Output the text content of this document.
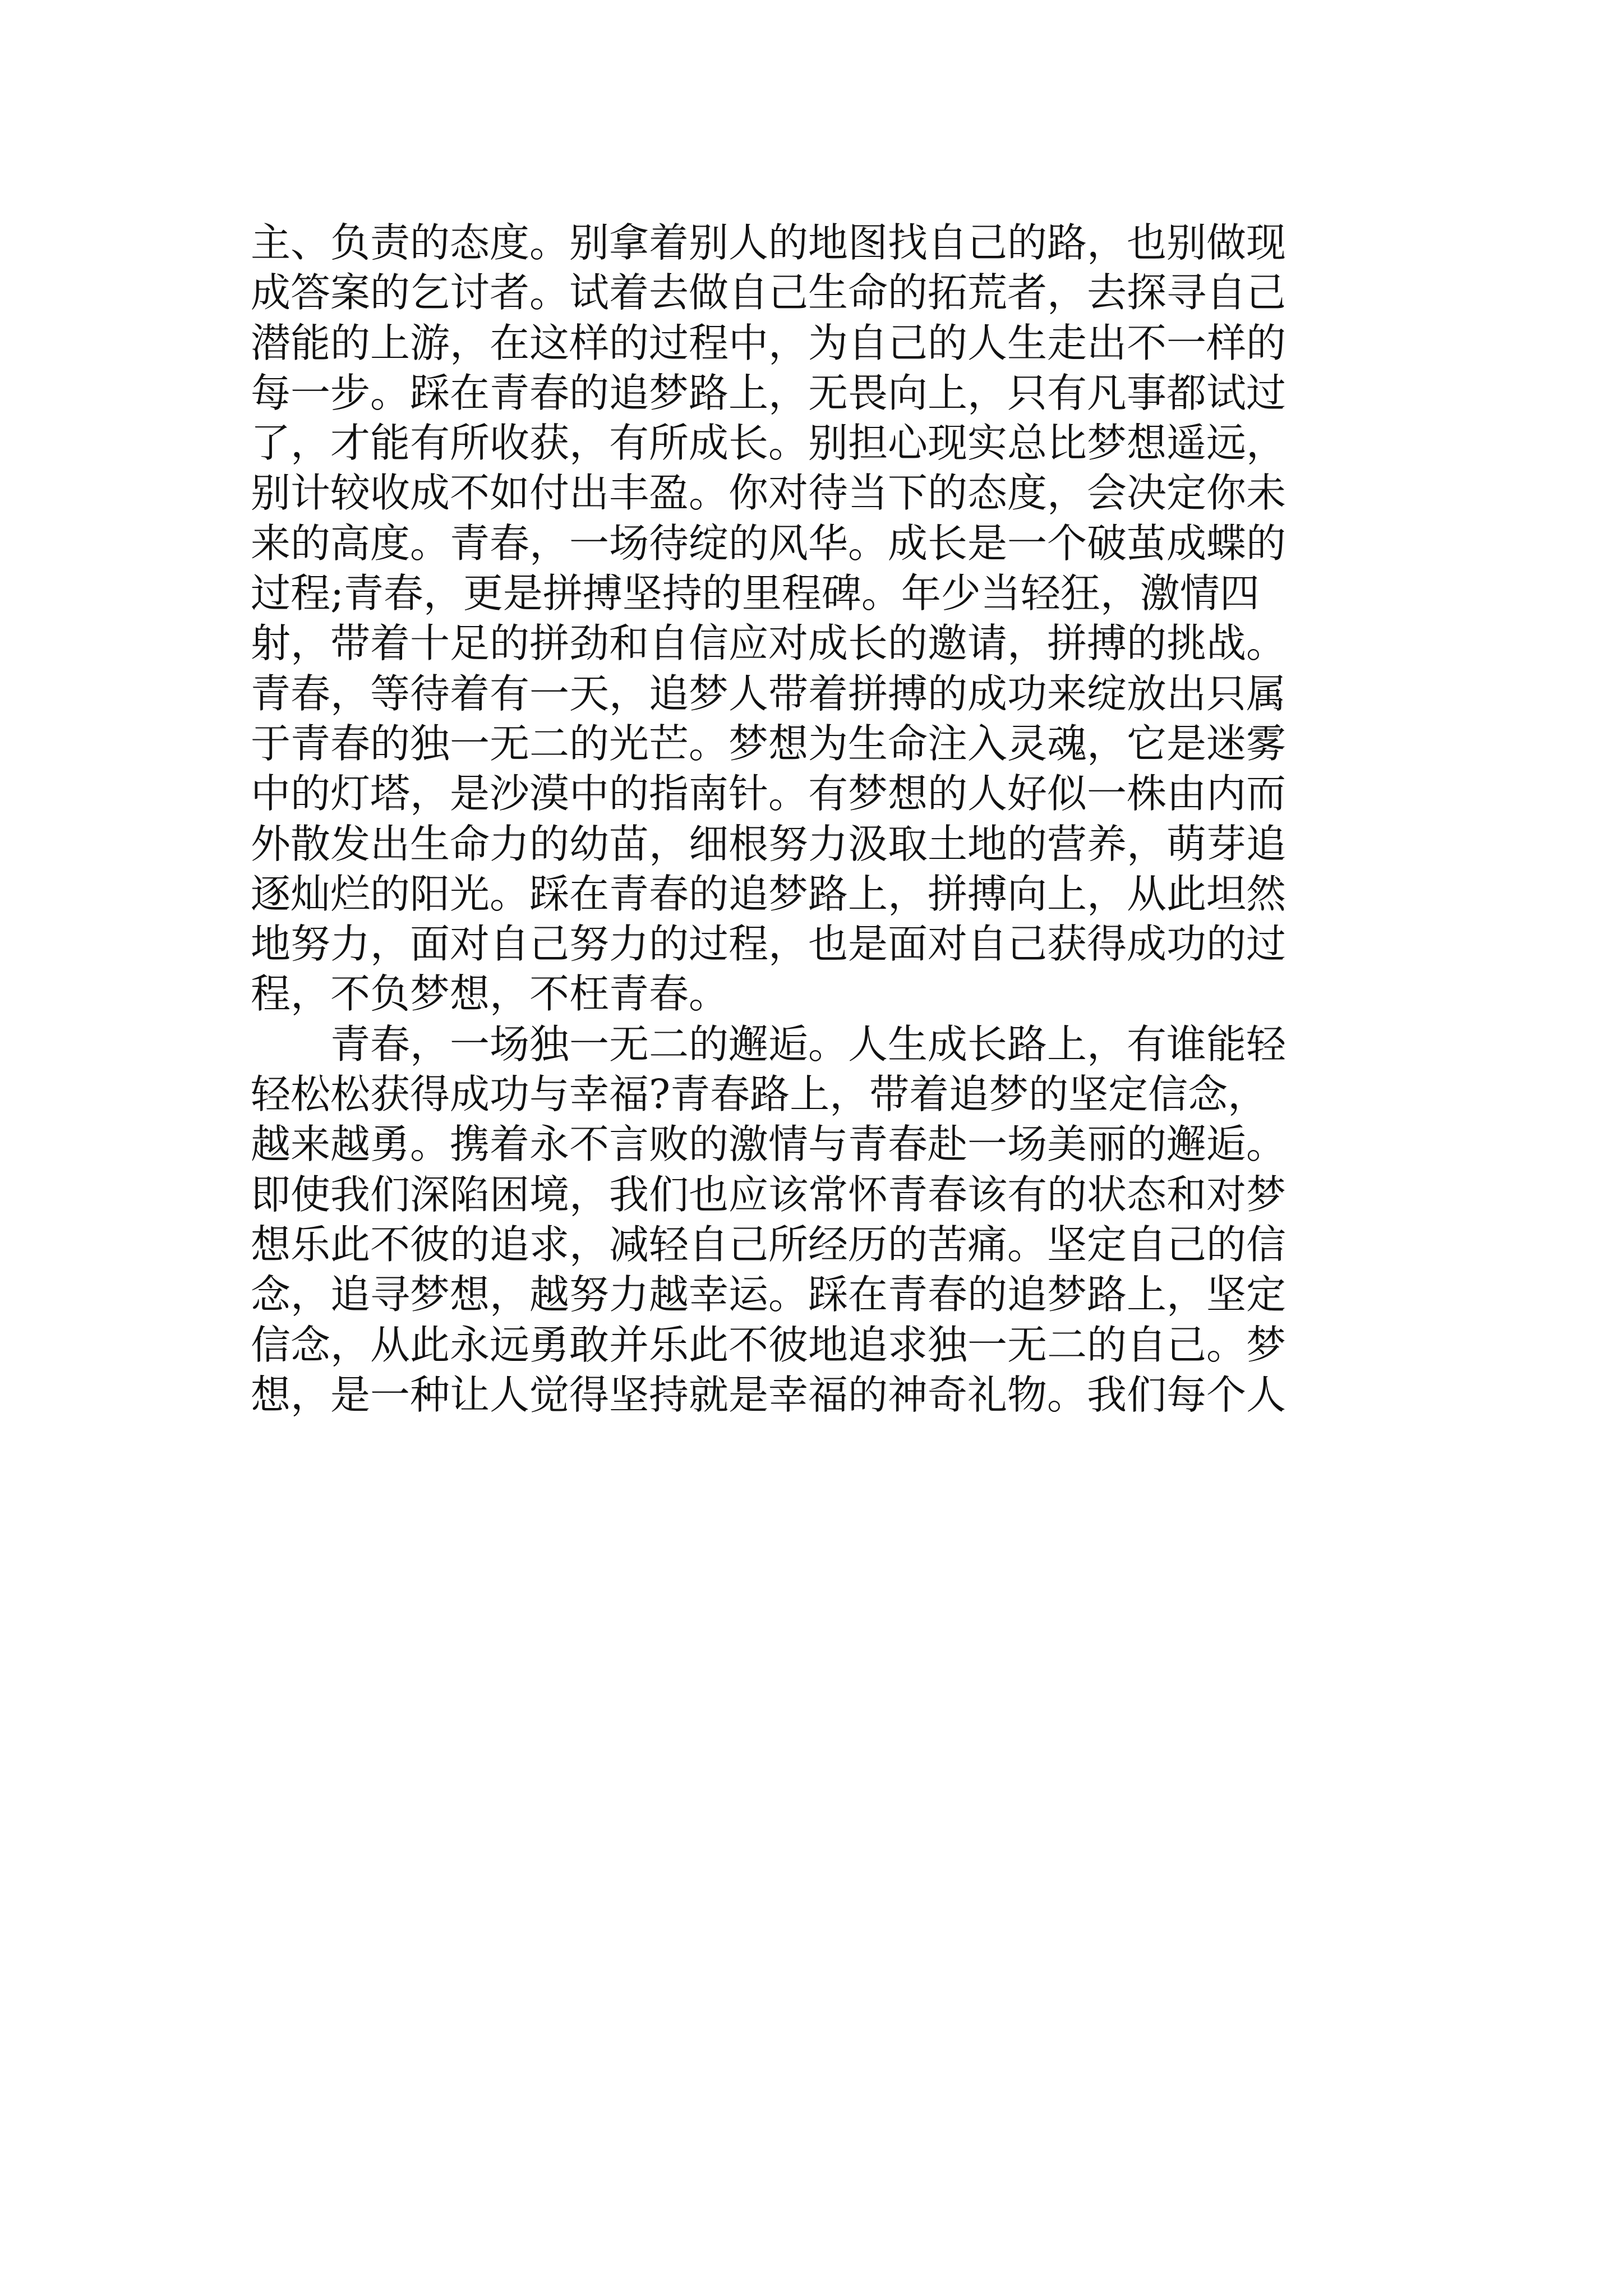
主、负责的态度。别拿着别人的地图找自己的路，也别做现
成答案的乞讨者。试着去做自己生命的拓荒者，去探寻自己
潜能的上游，在这样的过程中，为自己的人生走出不一样的
每一步。踩在青春的追梦路上，无畏向上，只有凡事都试过
了，才能有所收获，有所成长。别担心现实总比梦想遥远，
别计较收成不如付出丰盈。你对待当下的态度，会决定你未
来的高度。青春，一场待绽的风华。成长是一个破茧成蝶的
过程;青春，更是拼搏坚持的里程碑。年少当轻狂，激情四
射，带着十足的拼劲和自信应对成长的邀请，拼搏的挑战。
青春，等待着有一天，追梦人带着拼搏的成功来绽放出只属
于青春的独一无二的光芒。梦想为生命注入灵魂，它是迷雾
中的灯塔，是沙漠中的指南针。有梦想的人好似一株由内而
外散发出生命力的幼苗，细根努力汲取土地的营养，萌芽追
逐灿烂的阳光。踩在青春的追梦路上，拼搏向上，从此坦然
地努力，面对自己努力的过程，也是面对自己获得成功的过
程，不负梦想，不枉青春。
　　青春，一场独一无二的邂逅。人生成长路上，有谁能轻
轻松松获得成功与幸福?青春路上，带着追梦的坚定信念，
越来越勇。携着永不言败的激情与青春赴一场美丽的邂逅。
即使我们深陷困境，我们也应该常怀青春该有的状态和对梦
想乐此不彼的追求，减轻自己所经历的苦痛。坚定自己的信
念，追寻梦想，越努力越幸运。踩在青春的追梦路上，坚定
信念，从此永远勇敢并乐此不彼地追求独一无二的自己。梦
想，是一种让人觉得坚持就是幸福的神奇礼物。我们每个人
